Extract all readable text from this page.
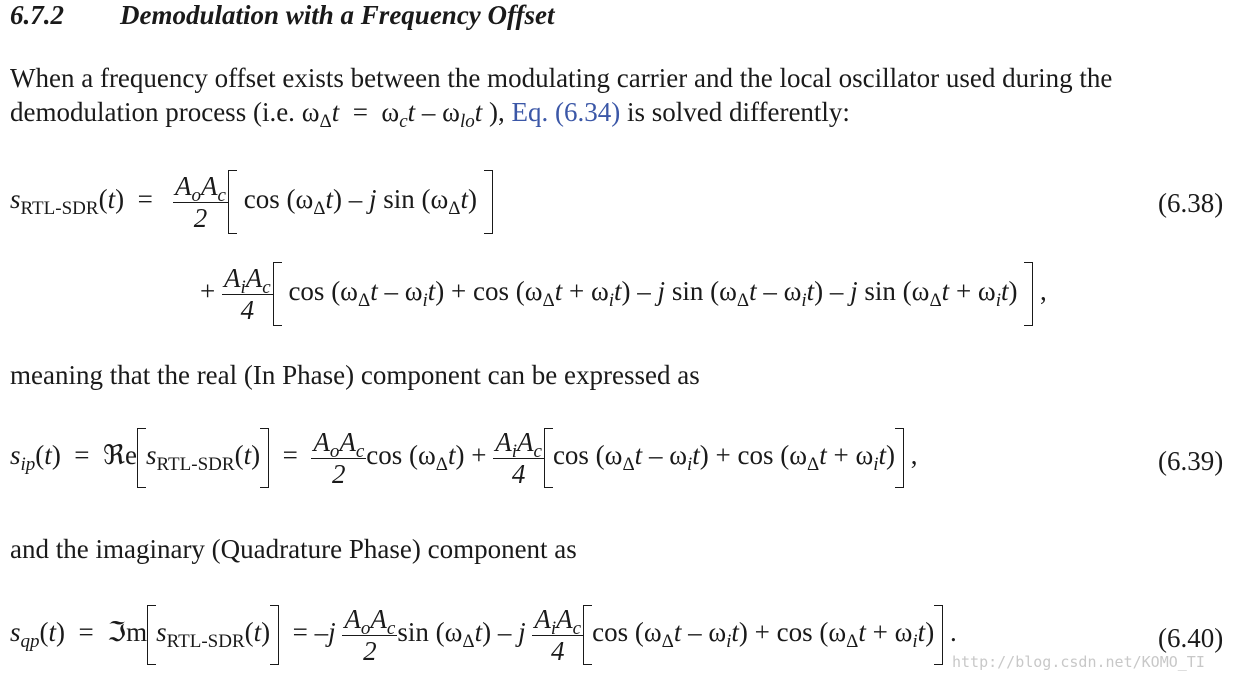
6.7.2 Demodulation with a Frequency Offset
When a frequency offset exists between the modulating carrier and the local oscillator used during the
demodulation process (i.e. $\omega_\Delta t = \omega_ct - \omega_{lo}t$ ), Eq. (6.34) is solved differently:
$s_{RTL-SDR}(t) = \frac{A_oA_c}{2}$ $\cos (\omega_\Delta t)$ – j $\sin (\omega_\Delta t)$	(6.38)
+ $\frac{A_iA_c}{4}$ $\cos (\omega_\Delta t - \omega_it) + \cos (\omega_\Delta t + \omega_it) - j$ $\sin (\omega_\Delta t - \omega_it)$ – j $\sin (\omega_\Delta t + \omega_it)$  ,
meaning that the real (In Phase) component can be expressed as
$s_{ip}(t)$  =  ℜe $s_{RTL-SDR}(t) = \frac{A_oA_c}{2}$ $\cos (\omega_\Delta t) + \frac{A_iA_c}{4}$ $\cos (\omega_\Delta t - \omega_it) + \cos (\omega_\Delta t + \omega_it)$ ,	(6.39)
and the imaginary (Quadrature Phase) component as
$s_{qp}(t)$  =  ℑm $s_{RTL-SDR}(t) = -j \frac{A_oA_c}{2}$ $\sin (\omega_\Delta t)$ – j $\frac{A_iA_c}{4}$ $\cos (\omega_\Delta t - \omega_it) + \cos (\omega_\Delta t + \omega_it)$ .	(6.40)
http://blog.csdn.net/KOMO_TI
